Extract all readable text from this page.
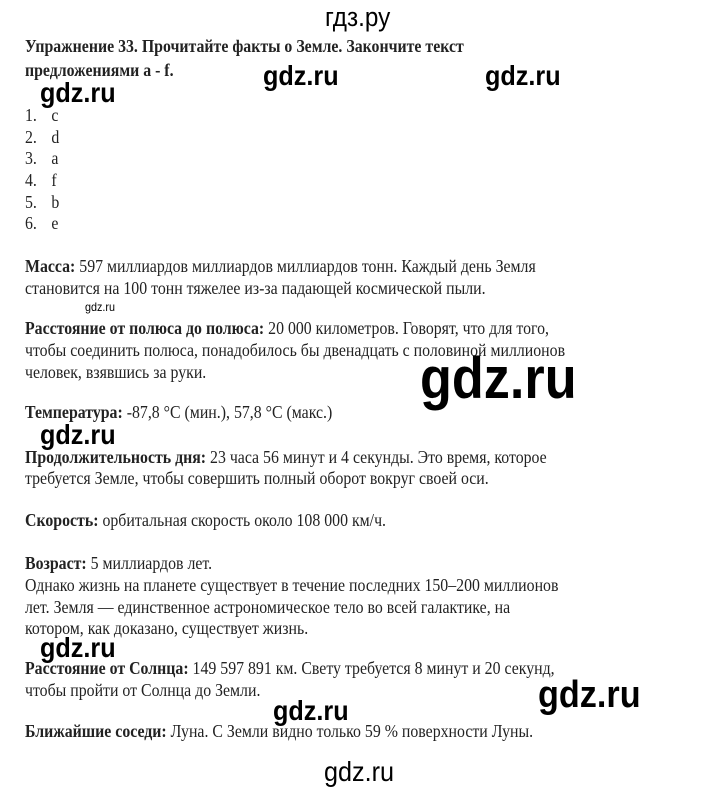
гдз.ру
Упражнение 33. Прочитайте факты о Земле. Закончите текст
предложениями a - f.
1. c
2. d
3. a
4. f
5. b
6. e
Масса: 597 миллиардов миллиардов миллиардов тонн. Каждый день Земля
становится на 100 тонн тяжелее из-за падающей космической пыли.
Расстояние от полюса до полюса: 20 000 километров. Говорят, что для того,
чтобы соединить полюса, понадобилось бы двенадцать с половиной миллионов
человек, взявшись за руки.
Температура: -87,8 °C (мин.), 57,8 °C (макс.)
Продолжительность дня: 23 часа 56 минут и 4 секунды. Это время, которое
требуется Земле, чтобы совершить полный оборот вокруг своей оси.
Скорость: орбитальная скорость около 108 000 км/ч.
Возраст: 5 миллиардов лет.
Однако жизнь на планете существует в течение последних 150–200 миллионов
лет. Земля — единственное астрономическое тело во всей галактике, на
котором, как доказано, существует жизнь.
Расстояние от Солнца: 149 597 891 км. Свету требуется 8 минут и 20 секунд,
чтобы пройти от Солнца до Земли.
Ближайшие соседи: Луна. С Земли видно только 59 % поверхности Луны.
gdz.ru	gdz.ru
gdz.ru
gdz.ru
gdz.ru
gdz.ru
gdz.ru
gdz.ru
gdz.ru
gdz.ru
